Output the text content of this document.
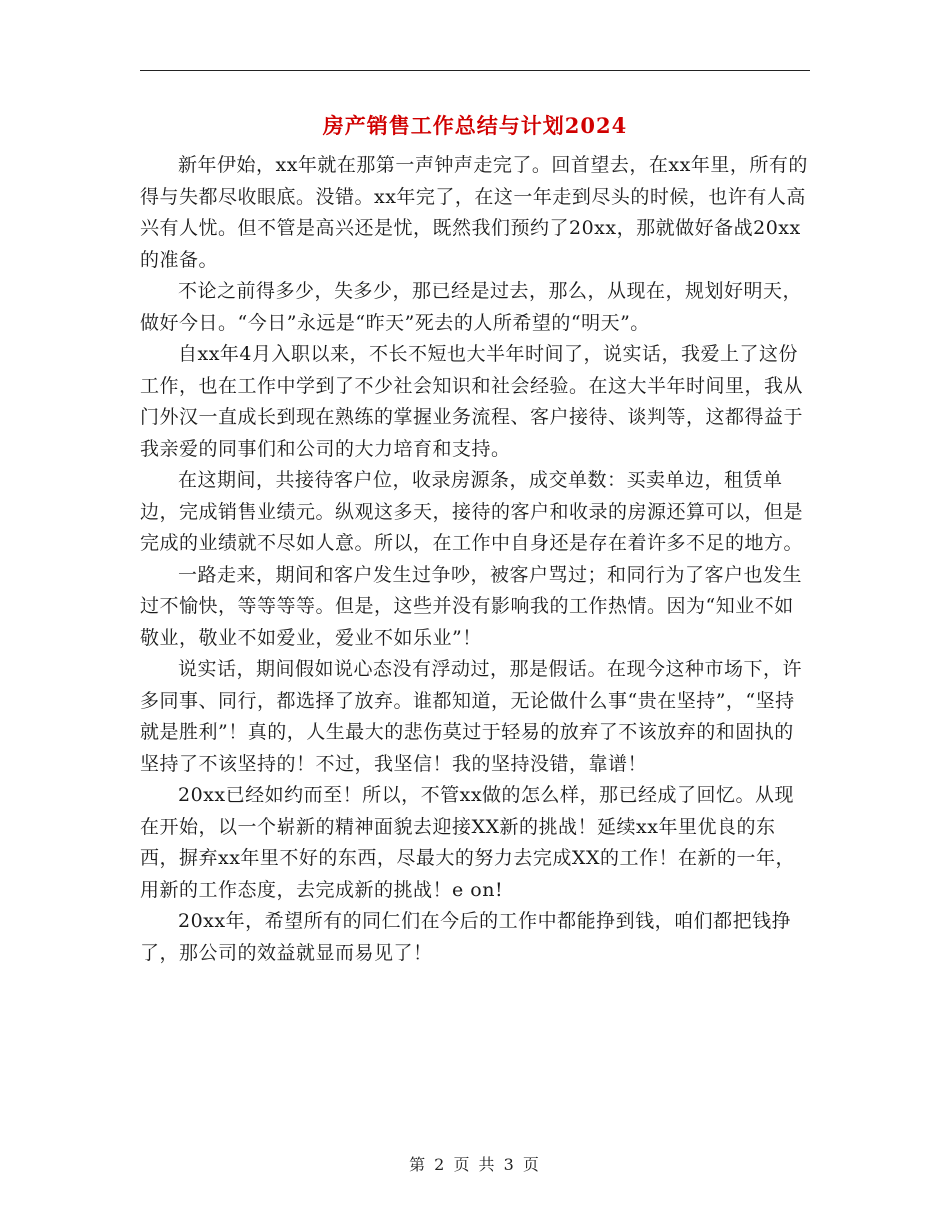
房产销售工作总结与计划2024

新年伊始，xx年就在那第一声钟声走完了。回首望去，在xx年里，所有的得与失都尽收眼底。没错。xx年完了，在这一年走到尽头的时候，也许有人高兴有人忧。但不管是高兴还是忧，既然我们预约了20xx，那就做好备战20xx的准备。

不论之前得多少，失多少，那已经是过去，那么，从现在，规划好明天，做好今日。“今日”永远是“昨天”死去的人所希望的“明天”。

自xx年4月入职以来，不长不短也大半年时间了，说实话，我爱上了这份工作，也在工作中学到了不少社会知识和社会经验。在这大半年时间里，我从门外汉一直成长到现在熟练的掌握业务流程、客户接待、谈判等，这都得益于我亲爱的同事们和公司的大力培育和支持。

在这期间，共接待客户位，收录房源条，成交单数：买卖单边，租赁单边，完成销售业绩元。纵观这多天，接待的客户和收录的房源还算可以，但是完成的业绩就不尽如人意。所以，在工作中自身还是存在着许多不足的地方。

一路走来，期间和客户发生过争吵，被客户骂过；和同行为了客户也发生过不愉快，等等等等。但是，这些并没有影响我的工作热情。因为“知业不如敬业，敬业不如爱业，爱业不如乐业”！

说实话，期间假如说心态没有浮动过，那是假话。在现今这种市场下，许多同事、同行，都选择了放弃。谁都知道，无论做什么事“贵在坚持”，“坚持就是胜利”！真的，人生最大的悲伤莫过于轻易的放弃了不该放弃的和固执的坚持了不该坚持的！不过，我坚信！我的坚持没错，靠谱！

20xx已经如约而至！所以，不管xx做的怎么样，那已经成了回忆。从现在开始，以一个崭新的精神面貌去迎接XX新的挑战！延续xx年里优良的东西，摒弃xx年里不好的东西，尽最大的努力去完成XX的工作！在新的一年，用新的工作态度，去完成新的挑战！e on!

20xx年，希望所有的同仁们在今后的工作中都能挣到钱，咱们都把钱挣了，那公司的效益就显而易见了！

第 2 页 共 3 页
